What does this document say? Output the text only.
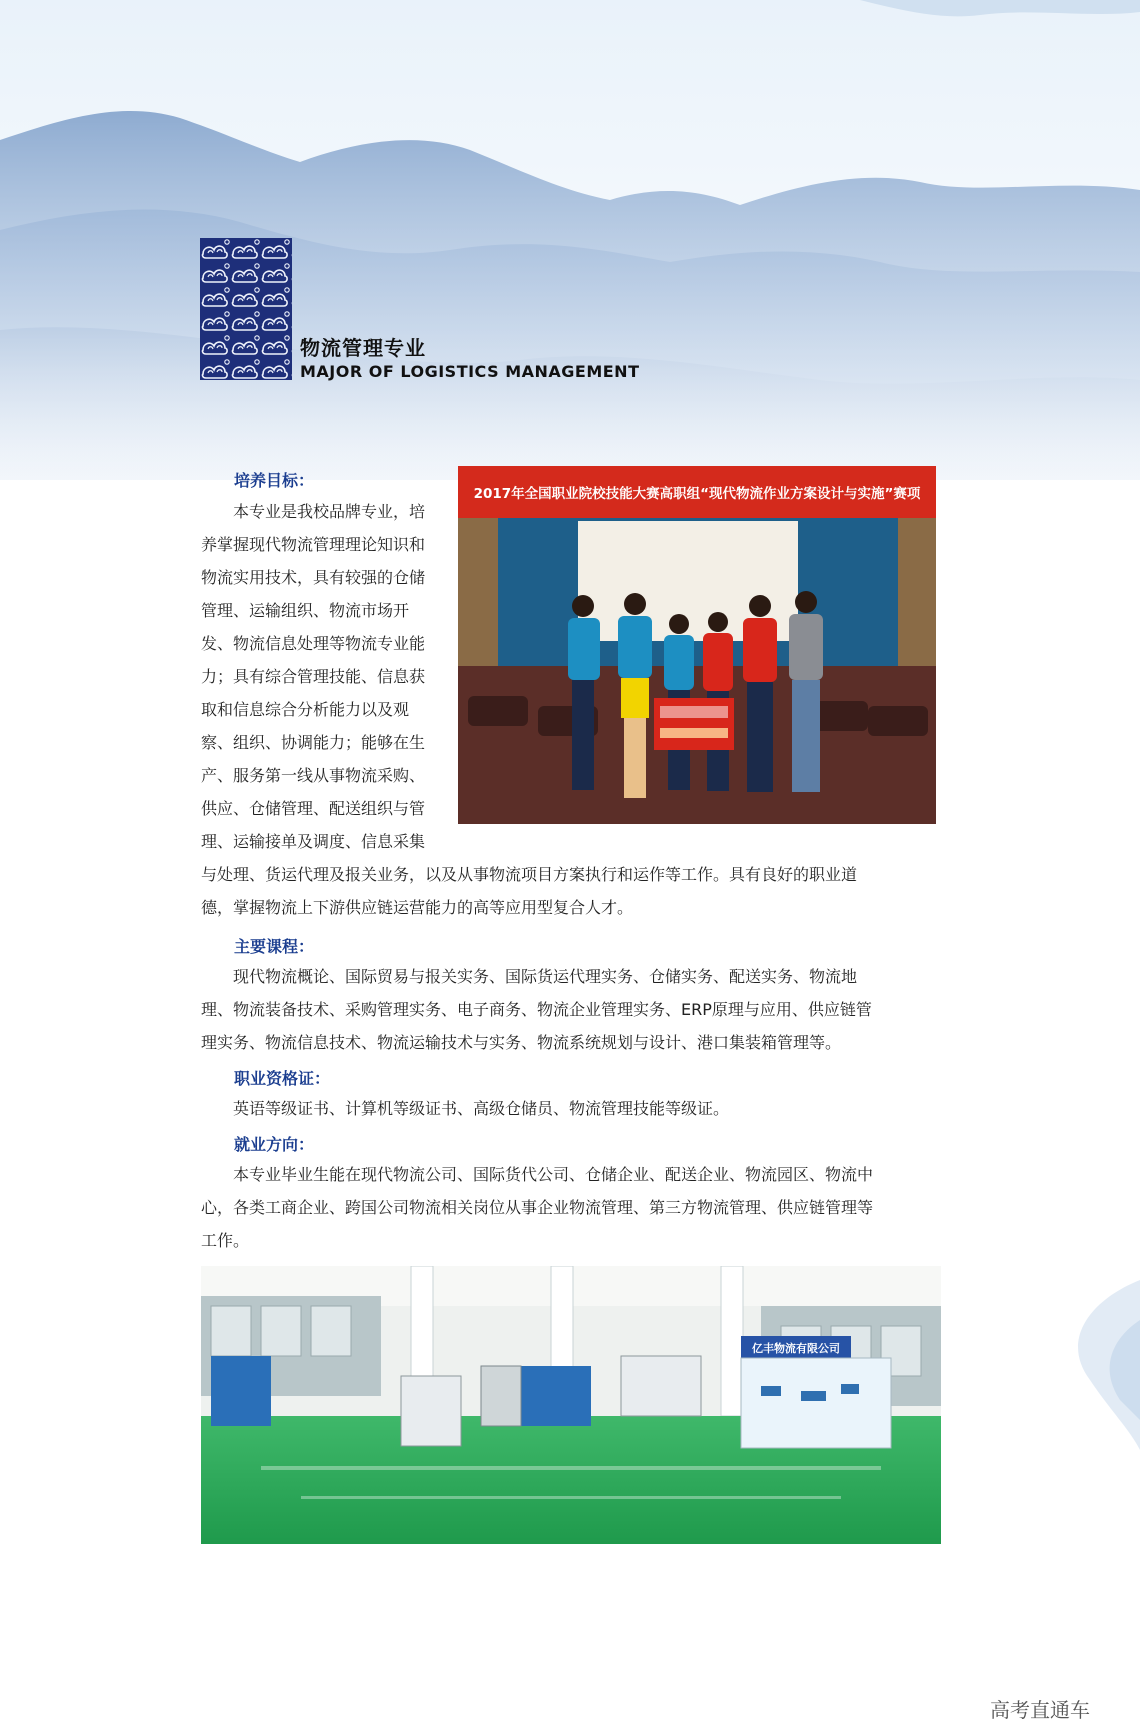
物流管理专业
MAJOR OF LOGISTICS MANAGEMENT
培养目标：
本专业是我校品牌专业，培
养掌握现代物流管理理论知识和
物流实用技术，具有较强的仓储
管理、运输组织、物流市场开
发、物流信息处理等物流专业能
力；具有综合管理技能、信息获
取和信息综合分析能力以及观
察、组织、协调能力；能够在生
产、服务第一线从事物流采购、
供应、仓储管理、配送组织与管
理、运输接单及调度、信息采集
与处理、货运代理及报关业务，以及从事物流项目方案执行和运作等工作。具有良好的职业道
德，掌握物流上下游供应链运营能力的高等应用型复合人才。
2017年全国职业院校技能大赛高职组“现代物流作业方案设计与实施”赛项
主要课程：
现代物流概论、国际贸易与报关实务、国际货运代理实务、仓储实务、配送实务、物流地
理、物流装备技术、采购管理实务、电子商务、物流企业管理实务、ERP原理与应用、供应链管
理实务、物流信息技术、物流运输技术与实务、物流系统规划与设计、港口集装箱管理等。
职业资格证：
英语等级证书、计算机等级证书、高级仓储员、物流管理技能等级证。
就业方向：
本专业毕业生能在现代物流公司、国际货代公司、仓储企业、配送企业、物流园区、物流中
心，各类工商企业、跨国公司物流相关岗位从事企业物流管理、第三方物流管理、供应链管理等
工作。
亿丰物流有限公司
高考直通车
